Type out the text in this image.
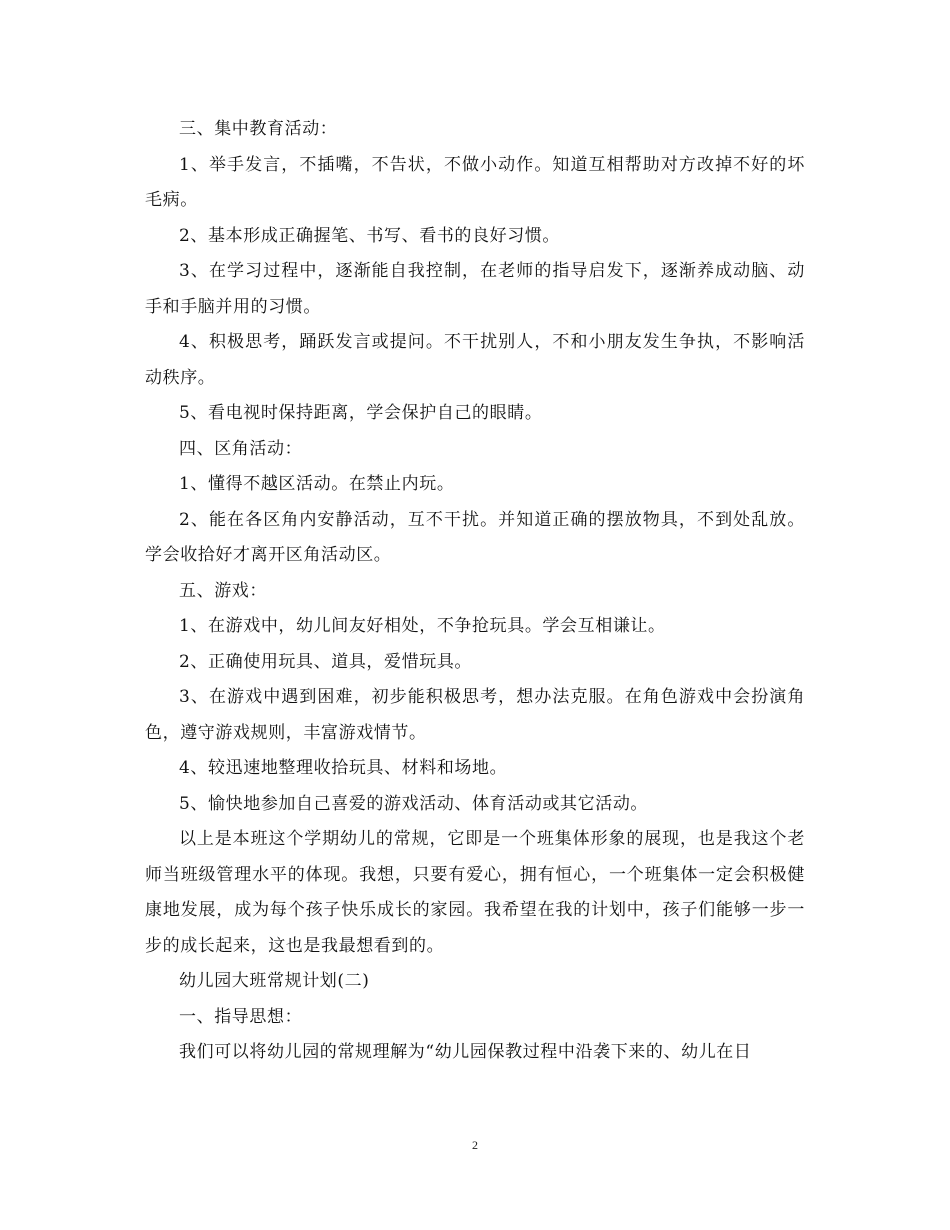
三、集中教育活动：

1、举手发言，不插嘴，不告状，不做小动作。知道互相帮助对方改掉不好的坏毛病。

2、基本形成正确握笔、书写、看书的良好习惯。

3、在学习过程中，逐渐能自我控制，在老师的指导启发下，逐渐养成动脑、动手和手脑并用的习惯。

4、积极思考，踊跃发言或提问。不干扰别人，不和小朋友发生争执，不影响活动秩序。

5、看电视时保持距离，学会保护自己的眼睛。

四、区角活动：

1、懂得不越区活动。在禁止内玩。

2、能在各区角内安静活动，互不干扰。并知道正确的摆放物具，不到处乱放。学会收拾好才离开区角活动区。

五、游戏：

1、在游戏中，幼儿间友好相处，不争抢玩具。学会互相谦让。

2、正确使用玩具、道具，爱惜玩具。

3、在游戏中遇到困难，初步能积极思考，想办法克服。在角色游戏中会扮演角色，遵守游戏规则，丰富游戏情节。

4、较迅速地整理收拾玩具、材料和场地。

5、愉快地参加自己喜爱的游戏活动、体育活动或其它活动。

以上是本班这个学期幼儿的常规，它即是一个班集体形象的展现，也是我这个老师当班级管理水平的体现。我想，只要有爱心，拥有恒心，一个班集体一定会积极健康地发展，成为每个孩子快乐成长的家园。我希望在我的计划中，孩子们能够一步一步的成长起来，这也是我最想看到的。

幼儿园大班常规计划(二)

一、指导思想：

我们可以将幼儿园的常规理解为“幼儿园保教过程中沿袭下来的、幼儿在日

2
